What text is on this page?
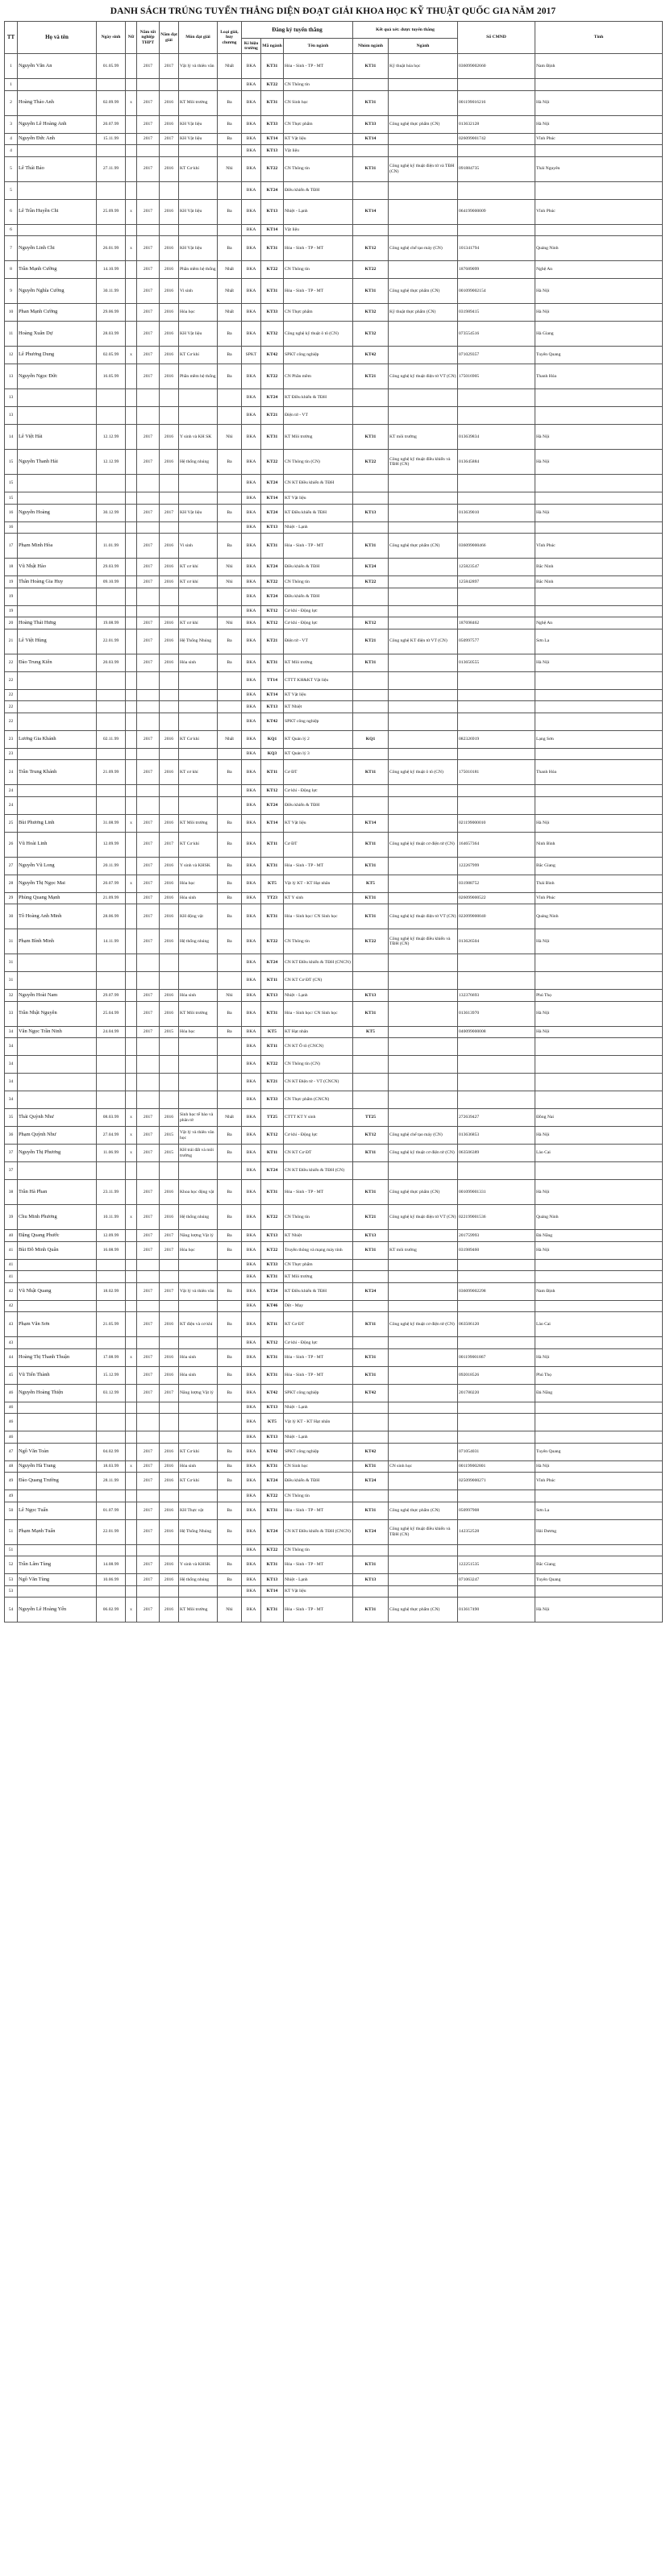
DANH SÁCH TRÚNG TUYỂN THẲNG DIỆN ĐOẠT GIẢI KHOA HỌC KỸ THUẬT QUỐC GIA NĂM 2017
TT	Họ và tên	Ngày sinh	Nữ	Năm tốt nghiệp THPT	Năm đạt giải	Môn đạt giải	Loại giải, huy chương	Đăng ký tuyển thẳng			Kết quả xét: được tuyển thẳng		Số CMND	Tỉnh
								Kí hiệu trường	Mã ngành	Tên ngành	Nhóm ngành	Ngành		
1	Nguyễn Văn An	01.05.99		2017	2017	Vật lý và thiên văn	Nhất	BKA	KT31	Hóa - Sinh - TP - MT	KT31	Kỹ thuật hóa học	036099002660	Nam Định
1								BKA	KT22	CN Thông tin				
2	Hoàng Thảo Anh	02.09.99	x	2017	2016	KT Môi trường	Ba	BKA	KT31	CN Sinh học	KT31		001199016216	Hà Nội
3	Nguyễn Lê Hoàng Anh	20.07.99		2017	2016	KH Vật liệu	Ba	BKA	KT33	CN Thực phẩm	KT33	Công nghệ thực phẩm (CN)	013632128	Hà Nội
4	Nguyễn Đức Anh	15.11.99		2017	2017	KH Vật liệu	Ba	BKA	KT14	KT Vật liệu	KT14		026099001742	Vĩnh Phúc
4								BKA	KT13	Vật liệu				
5	Lê Thái Bảo	27.11.99		2017	2016	KT Cơ khí	Nhì	BKA	KT22	CN Thông tin	KT31	Công nghệ kỹ thuật điện tử và TĐH (CN)	091884735	Thái Nguyên
5								BKA	KT24	Điều khiển & TĐH				
6	Lê Trần Huyền Chi	25.09.99	x	2017	2016	KH Vật liệu	Ba	BKA	KT13	Nhiệt - Lạnh	KT14		064199000009	Vĩnh Phúc
6								BKA	KT14	Vật liệu				
7	Nguyễn Linh Chi	26.01.99	x	2017	2016	KH Vật liệu	Ba	BKA	KT31	Hóa - Sinh - TP - MT	KT12	Công nghệ chế tạo máy (CN)	101341794	Quảng Ninh
8	Trần Mạnh Cường	14.10.99		2017	2016	Phần mềm hệ thống	Nhất	BKA	KT22	CN Thông tin	KT22		187689099	Nghệ An
9	Nguyễn Nghĩa Cường	30.11.99		2017	2016	Vi sinh	Nhất	BKA	KT31	Hóa - Sinh - TP - MT	KT31	Công nghệ thực phẩm (CN)	001099002154	Hà Nội
10	Phan Mạnh Cường	29.06.99		2017	2016	Hóa học	Nhất	BKA	KT33	CN Thực phẩm	KT32	Kỹ thuật thực phẩm (CN)	031989415	Hà Nội
11	Hoàng Xuân Dự	28.03.99		2017	2016	KH Vật liệu	Ba	BKA	KT32	Công nghệ kỹ thuật ô tô (CN)	KT32		073554516	Hà Giang
12	Lê Phương Dung	02.05.99	x	2017	2016	KT Cơ khí	Ba	SPKT	KT42	SPKT công nghiệp	KT42		071029357	Tuyên Quang
13	Nguyễn Ngọc Đức	16.05.99		2017	2016	Phần mềm hệ thống	Ba	BKA	KT22	CN Phần mềm	KT21	Công nghệ kỹ thuật điện tử VT (CN)	175016905	Thanh Hóa
13								BKA	KT24	KT Điều khiển & TĐH				
13								BKA	KT21	Điện tử - VT				
14	Lê Việt Hải	12.12.99		2017	2016	Y sinh và KH SK	Nhì	BKA	KT31	KT Môi trường	KT31	KT môi trường	013639834	Hà Nội
15	Nguyễn Thanh Hải	12.12.99		2017	2016	Hệ thống nhúng	Ba	BKA	KT22	CN Thông tin (CN)	KT22	Công nghệ kỹ thuật điều khiển và TĐH (CN)	013645884	Hà Nội
15								BKA	KT24	CN KT Điều khiển & TĐH				
15								BKA	KT14	KT Vật liệu				
16	Nguyễn Hoàng	30.12.99		2017	2017	KH Vật liệu	Ba	BKA	KT24	KT Điều khiển & TĐH	KT13		013639010	Hà Nội
16								BKA	KT13	Nhiệt - Lạnh				
17	Phạm Minh Hòa	11.01.99		2017	2016	Vi sinh	Ba	BKA	KT31	Hóa - Sinh - TP - MT	KT31	Công nghệ thực phẩm (CN)	036099000466	Vĩnh Phúc
18	Vũ Nhật Hào	29.03.99		2017	2016	KT cơ khí	Nhì	BKA	KT24	Điều khiển & TĐH	KT24		125823547	Bắc Ninh
19	Thân Hoàng Gia Huy	09.10.99		2017	2016	KT cơ khí	Nhì	BKA	KT22	CN Thông tin	KT22		125842897	Bắc Ninh
19								BKA	KT24	Điều khiển & TĐH				
19								BKA	KT12	Cơ khí - Động lực				
20	Hoàng Thái Hưng	19.08.99		2017	2016	KT cơ khí	Nhì	BKA	KT12	Cơ khí - Động lực	KT12		187698462	Nghệ An
21	Lê Việt Hùng	22.01.99		2017	2016	Hệ Thống Nhúng	Ba	BKA	KT21	Điện tử - VT	KT21	Công nghệ KT điện tử VT (CN)	050997577	Sơn La
22	Đào Trung Kiên	20.03.99		2017	2016	Hóa sinh	Ba	BKA	KT31	KT Môi trường	KT31		013650555	Hà Nội
22								BKA	TT14	CTTT KH&KT Vật liệu				
22								BKA	KT14	KT Vật liệu				
22								BKA	KT13	KT Nhiệt				
22								BKA	KT42	SPKT công nghiệp				
23	Lương Gia Khánh	02.11.99		2017	2016	KT Cơ khí	Nhất	BKA	KQ1	KT Quản lý 2	KQ1		082326919	Lạng Sơn
23								BKA	KQ3	KT Quản lý 3				
24	Trần Trung Khánh	21.09.99		2017	2016	KT cơ khí	Ba	BKA	KT11	Cơ ĐT	KT11	Công nghệ kỹ thuật ô tô (CN)	175010181	Thanh Hóa
24								BKA	KT12	Cơ khí - Động lực				
24								BKA	KT24	Điều khiển & TĐH				
25	Bùi Phương Linh	31.08.99	x	2017	2016	KT Môi trường	Ba	BKA	KT14	KT Vật liệu	KT14		021199000010	Hà Nội
26	Vũ Hoài Linh	12.09.99		2017	2017	KT Cơ khí	Ba	BKA	KT11	Cơ ĐT	KT11	Công nghệ kỹ thuật cơ điện tử (CN)	164657364	Ninh Bình
27	Nguyễn Vũ Long	20.11.99		2017	2016	Y sinh và KHSK	Ba	BKA	KT31	Hóa - Sinh - TP - MT	KT31		122267999	Bắc Giang
28	Nguyễn Thị Ngọc Mai	20.07.99	x	2017	2016	Hóa học	Ba	BKA	KT5	Vật lý KT - KT Hạt nhân	KT5		031988752	Thái Bình
29	Phùng Quang Mạnh	21.09.99		2017	2016	Hóa sinh	Ba	BKA	TT23	KT Y sinh	KT31		026099000522	Vĩnh Phúc
30	Tô Hoàng Anh Minh	28.06.99		2017	2016	KH động vật	Ba	BKA	KT31	Hóa - Sinh học/ CN Sinh học	KT31	Công nghệ kỹ thuật điện tử VT (CN)	022099000040	Quảng Ninh
31	Phạm Bình Minh	14.11.99		2017	2016	Hệ thống nhúng	Ba	BKA	KT22	CN Thông tin	KT22	Công nghệ kỹ thuật điều khiển và TĐH (CN)	013626504	Hà Nội
31								BKA	KT24	CN KT Điều khiển & TĐH (CNCN)				
31								BKA	KT11	CN KT Cơ ĐT (CN)				
32	Nguyễn Hoài Nam	29.07.99		2017	2016	Hóa sinh	Nhì	BKA	KT13	Nhiệt - Lạnh	KT13		132376693	Phú Thọ
33	Trần Nhật Nguyên	25.04.99		2017	2016	KT Môi trường	Ba	BKA	KT31	Hóa - Sinh học/ CN Sinh học	KT31		013613970	Hà Nội
34	Văn Ngọc Trần Ninh	24.04.99		2017	2015	Hóa học	Ba	BKA	KT5	KT Hạt nhân	KT5		040099000008	Hà Nội
34								BKA	KT11	CN KT Ô tô (CNCN)				
34								BKA	KT22	CN Thông tin (CN)				
34								BKA	KT21	CN KT Điện tử - VT (CNCN)				
34								BKA	KT33	CN Thực phẩm (CNCN)				
35	Thái Quỳnh Như	08.03.99	x	2017	2016	Sinh học tế bào và phân tử	Nhất	BKA	TT25	CTTT KT Y sinh	TT25		272639427	Đồng Nai
36	Phạm Quỳnh Như	27.04.99	x	2017	2015	Vật lý và thiên văn học	Ba	BKA	KT12	Cơ khí - Động lực	KT12	Công nghệ chế tạo máy (CN)	013636853	Hà Nội
37	Nguyễn Thị Phương	11.06.99	x	2017	2015	KH trái đất và môi trường	Ba	BKA	KT11	CN KT Cơ ĐT	KT11	Công nghệ kỹ thuật cơ điện tử (CN)	063506389	Lào Cai
37								BKA	KT24	CN KT Điều khiển & TĐH (CN)				
38	Trần Hà Phan	23.11.99		2017	2016	Khoa học động vật	Ba	BKA	KT31	Hóa - Sinh - TP - MT	KT31	Công nghệ thực phẩm (CN)	001099001331	Hà Nội
39	Chu Minh Phương	10.11.99	x	2017	2016	Hệ thống nhúng	Ba	BKA	KT22	CN Thông tin	KT21	Công nghệ kỹ thuật điện tử VT (CN)	022199001536	Quảng Ninh
40	Đặng Quang Phước	12.09.99		2017	2017	Năng lượng Vật lý	Ba	BKA	KT13	KT Nhiệt	KT13		201759993	Đà Nẵng
41	Bùi Đỗ Minh Quân	16.08.99		2017	2017	Hóa học	Ba	BKA	KT22	Truyền thông và mạng máy tính	KT31	KT môi trường	031989460	Hà Nội
41								BKA	KT33	CN Thực phẩm				
41								BKA	KT31	KT Môi trường				
42	Vũ Nhật Quang	18.02.99		2017	2017	Vật lý và thiên văn	Ba	BKA	KT24	KT Điều khiển & TĐH	KT24		036099002298	Nam Định
42								BKA	KT46	Dệt - May				
43	Phạm Văn Sơn	21.05.99		2017	2016	KT điện và cơ khí	Ba	BKA	KT11	KT Cơ ĐT	KT11	Công nghệ kỹ thuật cơ điện tử (CN)	063506120	Lào Cai
43								BKA	KT12	Cơ khí - Động lực				
44	Hoàng Thị Thanh Thuận	17.08.99	x	2017	2016	Hóa sinh	Ba	BKA	KT31	Hóa - Sinh - TP - MT	KT31		001199001867	Hà Nội
45	Vũ Tiến Thành	15.12.99		2017	2016	Hóa sinh	Ba	BKA	KT31	Hóa - Sinh - TP - MT	KT31		092018526	Phú Thọ
46	Nguyễn Hoàng Thiện	03.12.99		2017	2017	Năng lượng Vật lý	Ba	BKA	KT42	SPKT công nghiệp	KT42		201780220	Đà Nẵng
46								BKA	KT13	Nhiệt - Lạnh				
46								BKA	KT5	Vật lý KT - KT Hạt nhân				
46								BKA	KT13	Nhiệt - Lạnh				
47	Ngô Văn Toàn	04.02.99		2017	2016	KT Cơ khí	Ba	BKA	KT42	SPKT công nghiệp	KT42		071054031	Tuyên Quang
48	Nguyễn Hà Trang	18.03.99	x	2017	2016	Hóa sinh	Ba	BKA	KT31	CN Sinh học	KT31	CN sinh học	001199002801	Hà Nội
49	Đào Quang Trường	28.11.99		2017	2016	KT Cơ khí	Ba	BKA	KT24	Điều khiển & TĐH	KT24		025099000271	Vĩnh Phúc
49								BKA	KT22	CN Thông tin				
50	Lê Ngọc Tuấn	01.07.99		2017	2016	KH Thực vật	Ba	BKA	KT31	Hóa - Sinh - TP - MT	KT31	Công nghệ thực phẩm (CN)	050997908	Sơn La
51	Phạm Mạnh Tuấn	22.01.99		2017	2016	Hệ Thống Nhúng	Ba	BKA	KT24	CN KT Điều khiển & TĐH (CNCN)	KT24	Công nghệ kỹ thuật điều khiển và TĐH (CN)	142352528	Hải Dương
51								BKA	KT22	CN Thông tin				
52	Trần Lâm Tùng	14.08.99		2017	2016	Y sinh và KHSK	Ba	BKA	KT31	Hóa - Sinh - TP - MT	KT31		122251535	Bắc Giang
53	Ngô Văn Tùng	10.06.99		2017	2016	Hệ thống nhúng	Ba	BKA	KT13	Nhiệt - Lạnh	KT13		071063247	Tuyên Quang
53								BKA	KT14	KT Vật liệu				
54	Nguyễn Lê Hoàng Yến	06.02.99	x	2017	2016	KT Môi trường	Nhì	BKA	KT31	Hóa - Sinh - TP - MT	KT31	Công nghệ thực phẩm (CN)	013617490	Hà Nội
